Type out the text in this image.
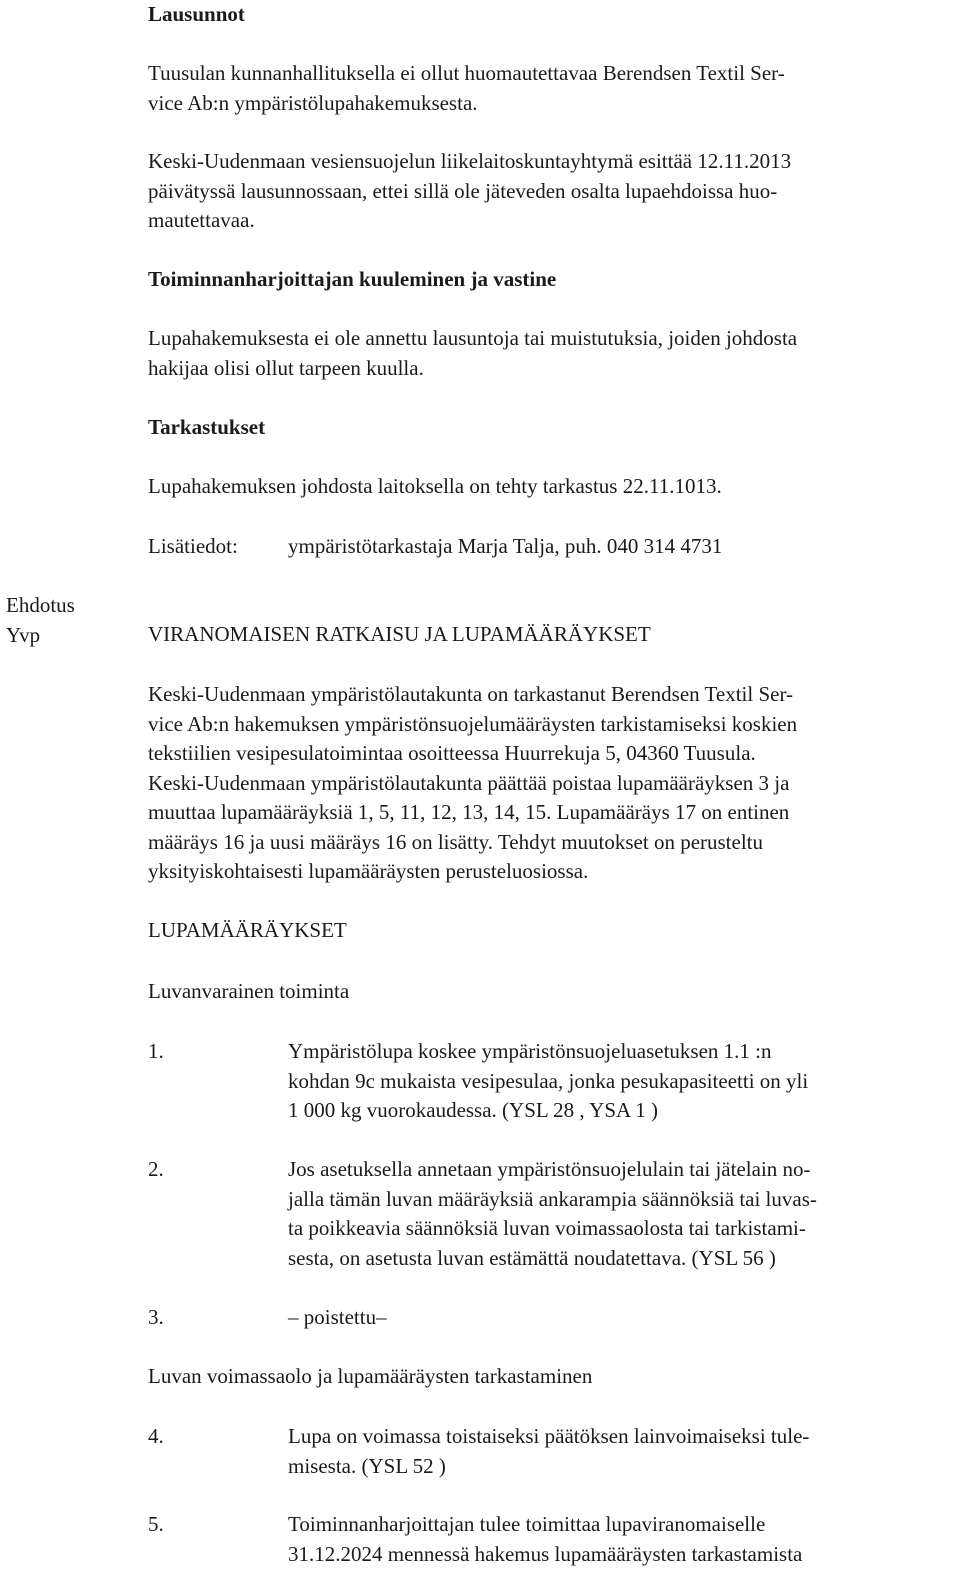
Lausunnot
Tuusulan kunnanhallituksella ei ollut huomautettavaa Berendsen Textil Ser-
vice Ab:n ympäristölupahakemuksesta.
Keski-Uudenmaan vesiensuojelun liikelaitoskuntayhtymä esittää 12.11.2013
päivätyssä lausunnossaan, ettei sillä ole jäteveden osalta lupaehdoissa huo-
mautettavaa.
Toiminnanharjoittajan kuuleminen ja vastine
Lupahakemuksesta ei ole annettu lausuntoja tai muistutuksia, joiden johdosta
hakijaa olisi ollut tarpeen kuulla.
Tarkastukset
Lupahakemuksen johdosta laitoksella on tehty tarkastus 22.11.1013.
Lisätiedot: ympäristötarkastaja Marja Talja, puh. 040 314 4731
Ehdotus
Yvp	VIRANOMAISEN RATKAISU JA LUPAMÄÄRÄYKSET
Keski-Uudenmaan ympäristölautakunta on tarkastanut Berendsen Textil Ser-
vice Ab:n hakemuksen ympäristönsuojelumääräysten tarkistamiseksi koskien
tekstiilien vesipesulatoimintaa osoitteessa Huurrekuja 5, 04360 Tuusula.
Keski-Uudenmaan ympäristölautakunta päättää poistaa lupamääräyksen 3 ja
muuttaa lupamääräyksiä 1, 5, 11, 12, 13, 14, 15. Lupamääräys 17 on entinen
määräys 16 ja uusi määräys 16 on lisätty. Tehdyt muutokset on perusteltu
yksityiskohtaisesti lupamääräysten perusteluosiossa.
LUPAMÄÄRÄYKSET
Luvanvarainen toiminta
1.	Ympäristölupa koskee ympäristönsuojeluasetuksen 1.1 :n
kohdan 9c mukaista vesipesulaa, jonka pesukapasiteetti on yli
1 000 kg vuorokaudessa. (YSL 28 , YSA 1 )
2.	Jos asetuksella annetaan ympäristönsuojelulain tai jätelain no-
jalla tämän luvan määräyksiä ankarampia säännöksiä tai luvas-
ta poikkeavia säännöksiä luvan voimassaolosta tai tarkistami-
sesta, on asetusta luvan estämättä noudatettava. (YSL 56 )
3.	– poistettu–
Luvan voimassaolo ja lupamääräysten tarkastaminen
4.	Lupa on voimassa toistaiseksi päätöksen lainvoimaiseksi tule-
misesta. (YSL 52 )
5.	Toiminnanharjoittajan tulee toimittaa lupaviranomaiselle
31.12.2024 mennessä hakemus lupamääräysten tarkastamista
